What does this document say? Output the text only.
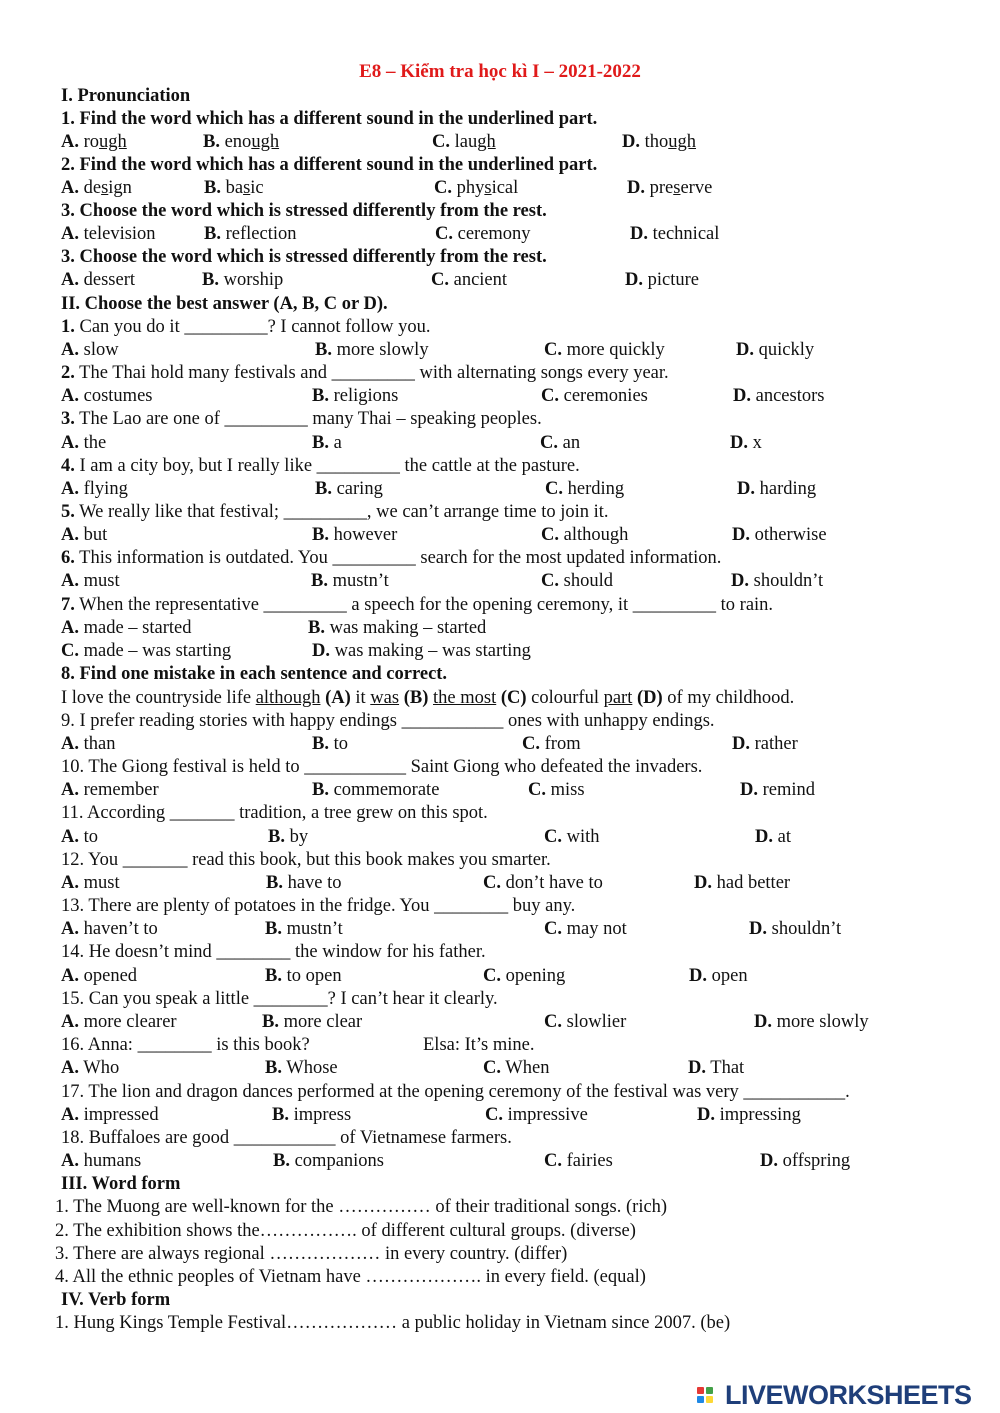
E8 – Kiểm tra học kì I – 2021-2022
I. Pronunciation
1. Find the word which has a different sound in the underlined part.
A. rough	B. enough	C. laugh	D. though
2. Find the word which has a different sound in the underlined part.
A. design	B. basic	C. physical	D. preserve
3. Choose the word which is stressed differently from the rest.
A. television	B. reflection	C. ceremony	D. technical
3. Choose the word which is stressed differently from the rest.
A. dessert	B. worship	C. ancient	D. picture
II. Choose the best answer (A, B, C or D).
1. Can you do it _________? I cannot follow you.
A. slow	B. more slowly	C. more quickly	D. quickly
2. The Thai hold many festivals and _________ with alternating songs every year.
A. costumes	B. religions	C. ceremonies	D. ancestors
3. The Lao are one of _________ many Thai – speaking peoples.
A. the	B. a	C. an	D. x
4. I am a city boy, but I really like _________ the cattle at the pasture.
A. flying	B. caring	C. herding	D. harding
5. We really like that festival; _________, we can’t arrange time to join it.
A. but	B. however	C. although	D. otherwise
6. This information is outdated. You _________ search for the most updated information.
A. must	B. mustn’t	C. should	D. shouldn’t
7. When the representative _________ a speech for the opening ceremony, it _________ to rain.
A. made – started	B. was making – started
C. made – was starting	D. was making – was starting
8. Find one mistake in each sentence and correct.
I love the countryside life although (A) it was (B) the most (C) colourful part (D) of my childhood.
9. I prefer reading stories with happy endings ___________ ones with unhappy endings.
A. than	B. to	C. from	D. rather
10. The Giong festival is held to ___________ Saint Giong who defeated the invaders.
A. remember	B. commemorate	C. miss	D. remind
11. According _______ tradition, a tree grew on this spot.
A. to	B. by	C. with	D. at
12. You _______ read this book, but this book makes you smarter.
A. must	B. have to	C. don’t have to	D. had better
13. There are plenty of potatoes in the fridge. You ________ buy any.
A. haven’t to	B. mustn’t	C. may not	D. shouldn’t
14. He doesn’t mind ________ the window for his father.
A. opened	B. to open	C. opening	D. open
15. Can you speak a little ________? I can’t hear it clearly.
A. more clearer	B. more clear	C. slowlier	D. more slowly
16. Anna: ________ is this book?	Elsa: It’s mine.
A. Who	B. Whose	C. When	D. That
17. The lion and dragon dances performed at the opening ceremony of the festival was very ___________.
A. impressed	B. impress	C. impressive	D. impressing
18. Buffaloes are good ___________ of Vietnamese farmers.
A. humans	B. companions	C. fairies	D. offspring
III. Word form
1. The Muong are well-known for the …………… of their traditional songs. (rich)
2. The exhibition shows the……………. of different cultural groups. (diverse)
3. There are always regional ……………… in every country. (differ)
4. All the ethnic peoples of Vietnam have ………………. in every field. (equal)
IV. Verb form
1. Hung Kings Temple Festival……………… a public holiday in Vietnam since 2007. (be)
LIVEWORKSHEETS
